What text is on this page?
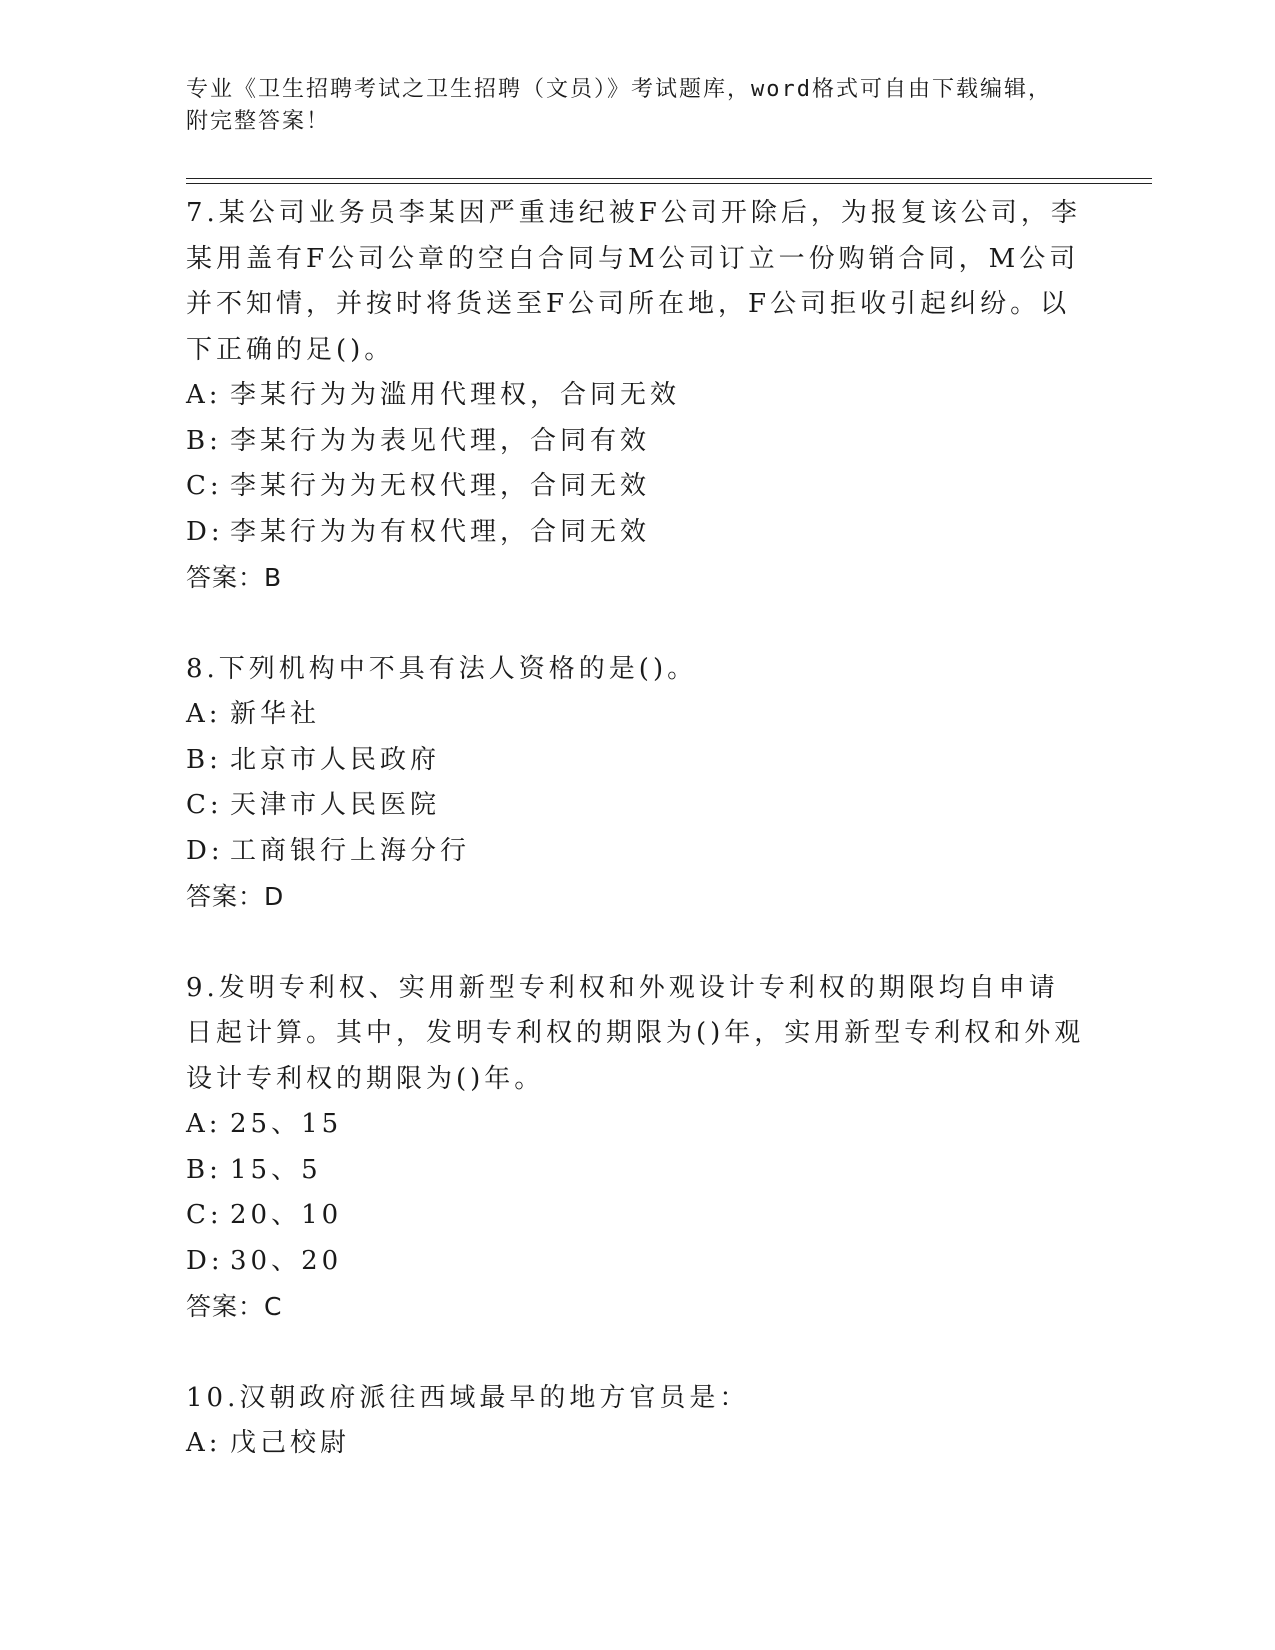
专业《卫生招聘考试之卫生招聘（文员）》考试题库，word格式可自由下载编辑，附完整答案！

7.某公司业务员李某因严重违纪被F公司开除后，为报复该公司，李某用盖有F公司公章的空白合同与M公司订立一份购销合同，M公司并不知情，并按时将货送至F公司所在地，F公司拒收引起纠纷。以下正确的足()。

A: 李某行为为滥用代理权，合同无效

B: 李某行为为表见代理，合同有效

C: 李某行为为无权代理，合同无效

D: 李某行为为有权代理，合同无效

答案：B

8.下列机构中不具有法人资格的是()。

A: 新华社

B: 北京市人民政府

C: 天津市人民医院

D: 工商银行上海分行

答案：D

9.发明专利权、实用新型专利权和外观设计专利权的期限均自申请日起计算。其中，发明专利权的期限为()年，实用新型专利权和外观设计专利权的期限为()年。

A: 25、15

B: 15、5

C: 20、10

D: 30、20

答案：C

10.汉朝政府派往西域最早的地方官员是：

A: 戊己校尉
